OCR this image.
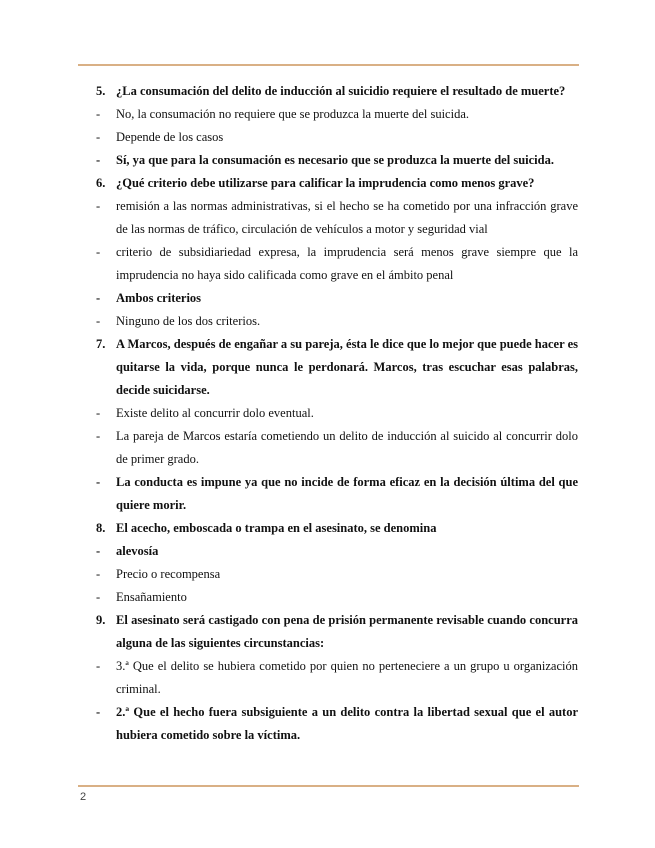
5. ¿La consumación del delito de inducción al suicidio requiere el resultado de muerte?
- No, la consumación no requiere que se produzca la muerte del suicida.
- Depende de los casos
- Sí, ya que para la consumación es necesario que se produzca la muerte del suicida.
6. ¿Qué criterio debe utilizarse para calificar la imprudencia como menos grave?
- remisión a las normas administrativas, si el hecho se ha cometido por una infracción grave de las normas de tráfico, circulación de vehículos a motor y seguridad vial
- criterio de subsidiariedad expresa, la imprudencia será menos grave siempre que la imprudencia no haya sido calificada como grave en el ámbito penal
- Ambos criterios
- Ninguno de los dos criterios.
7. A Marcos, después de engañar a su pareja, ésta le dice que lo mejor que puede hacer es quitarse la vida, porque nunca le perdonará. Marcos, tras escuchar esas palabras, decide suicidarse.
- Existe delito al concurrir dolo eventual.
- La pareja de Marcos estaría cometiendo un delito de inducción al suicido al concurrir dolo de primer grado.
- La conducta es impune ya que no incide de forma eficaz en la decisión última del que quiere morir.
8. El acecho, emboscada o trampa en el asesinato, se denomina
- alevosía
- Precio o recompensa
- Ensañamiento
9. El asesinato será castigado con pena de prisión permanente revisable cuando concurra alguna de las siguientes circunstancias:
- 3.ª Que el delito se hubiera cometido por quien no perteneciere a un grupo u organización criminal.
- 2.ª Que el hecho fuera subsiguiente a un delito contra la libertad sexual que el autor hubiera cometido sobre la víctima.
2
